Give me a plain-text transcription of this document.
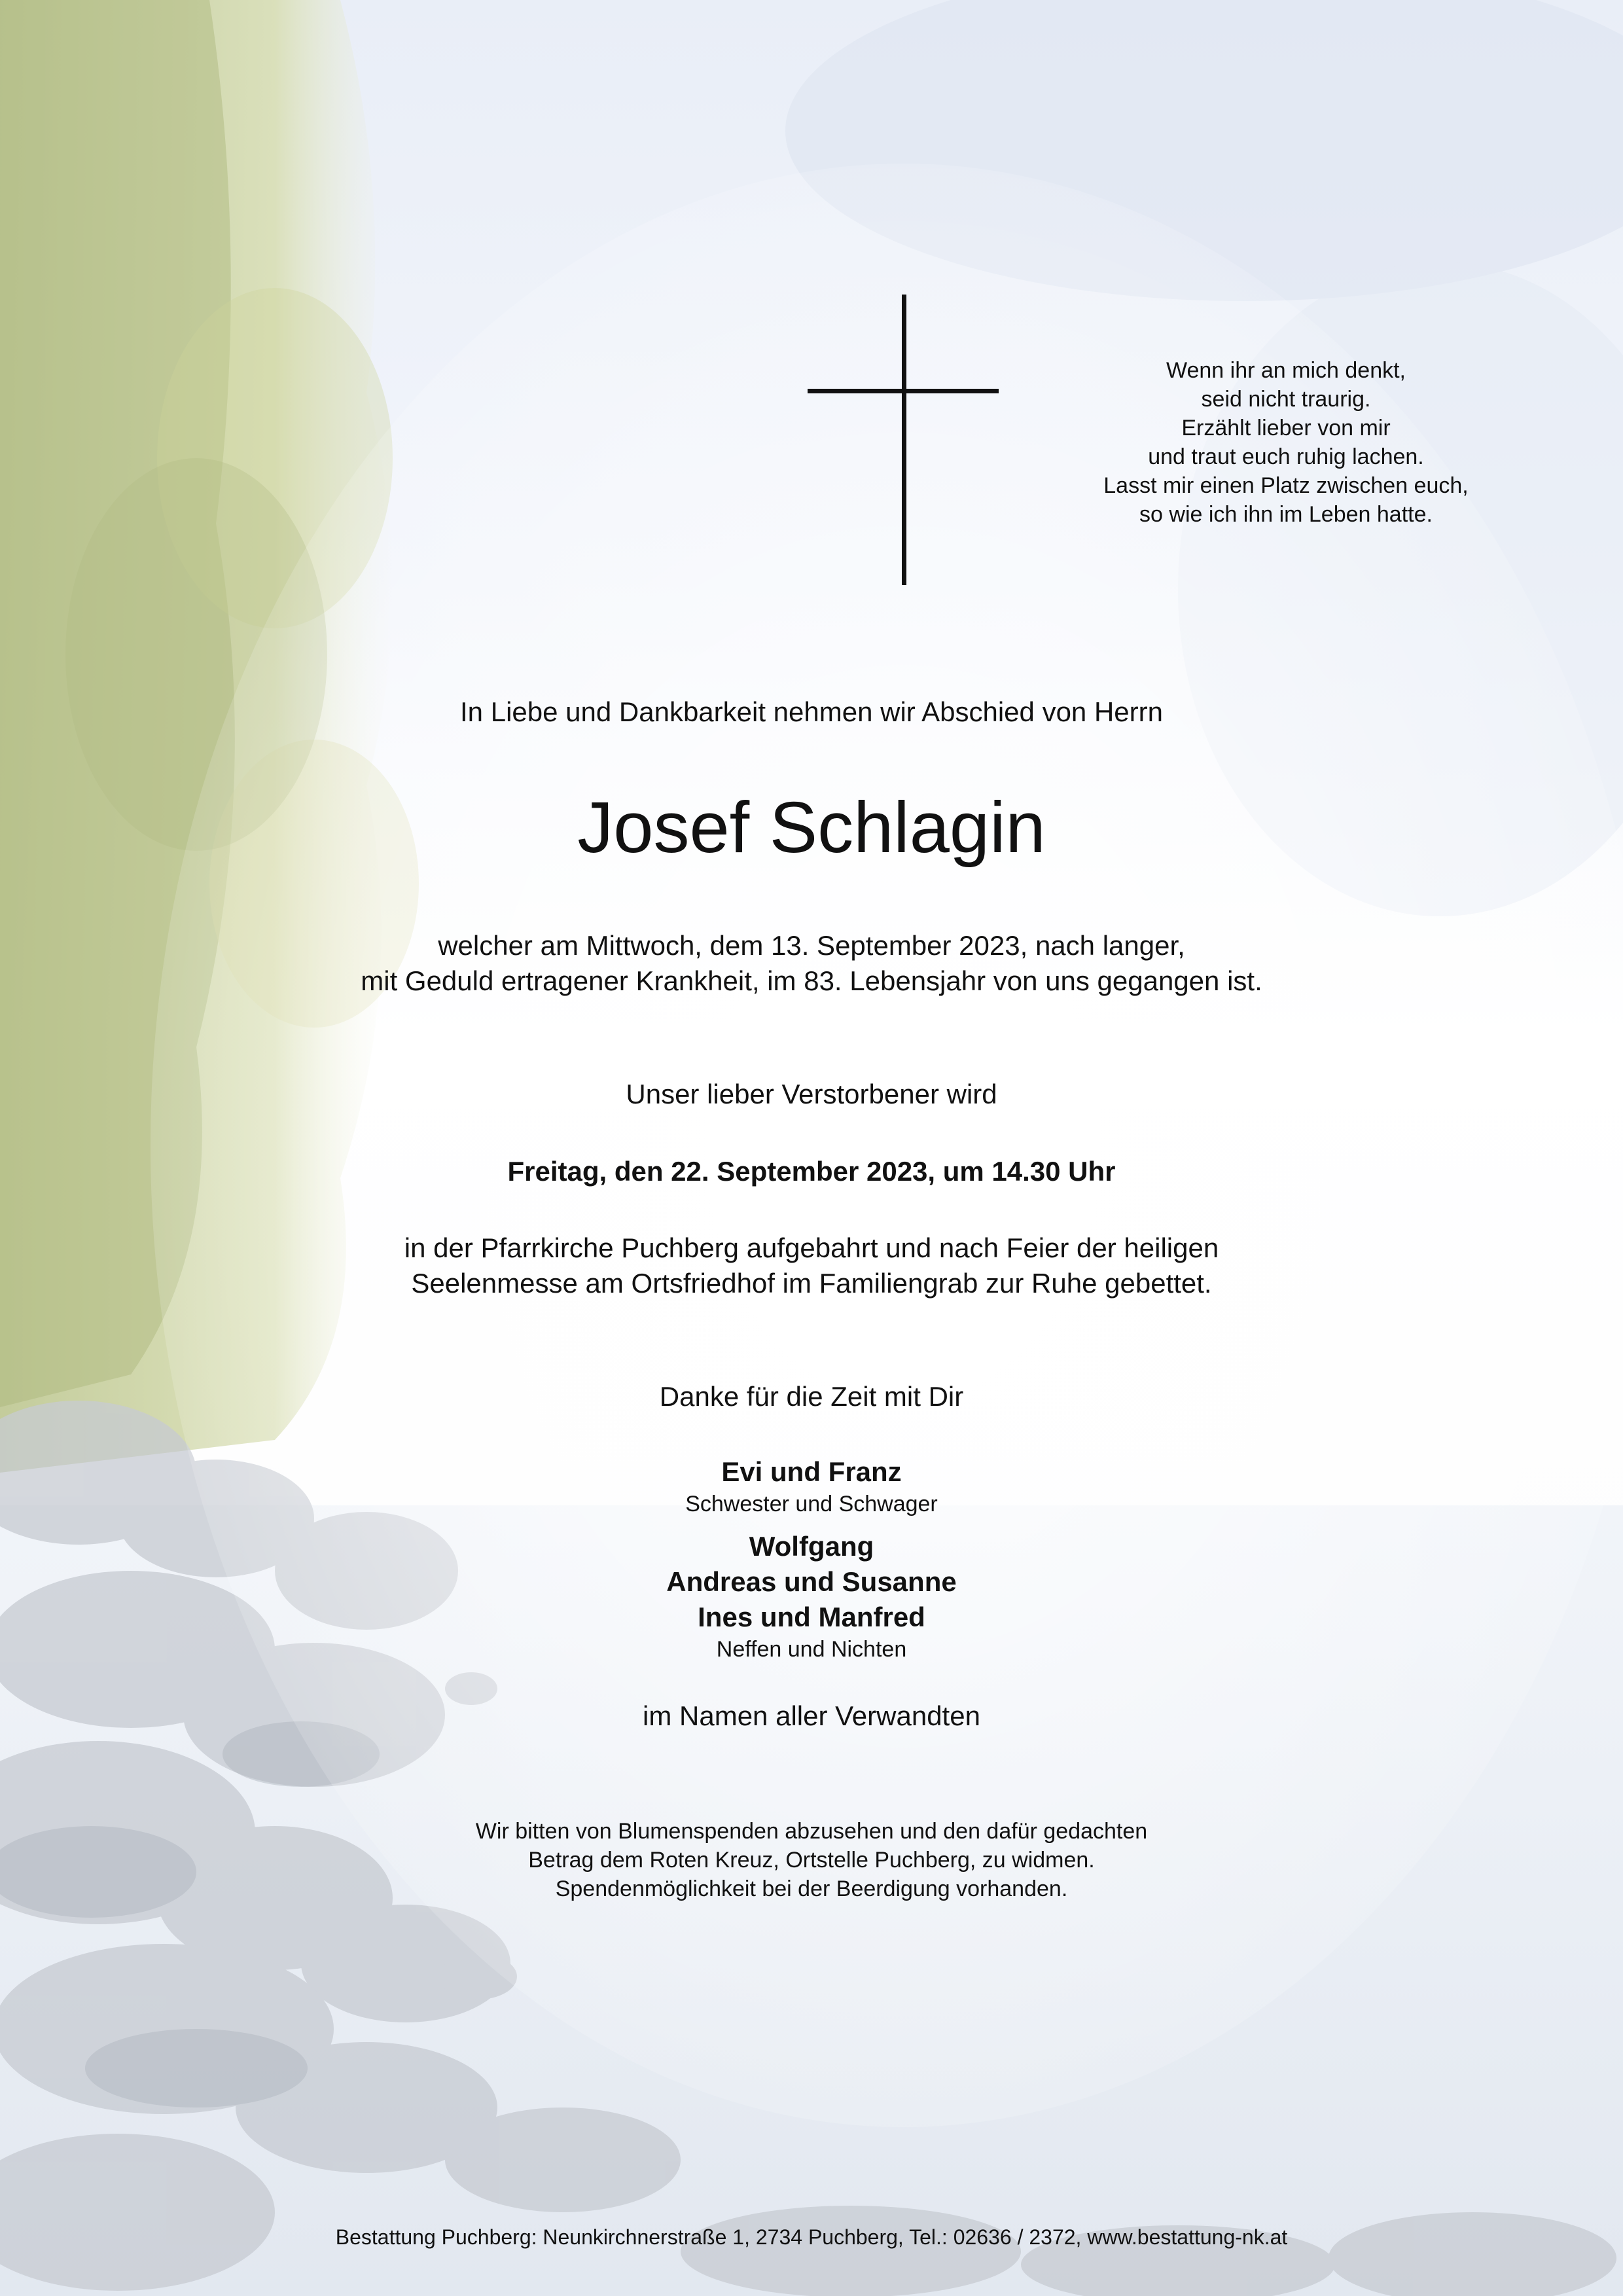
Wenn ihr an mich denkt,
seid nicht traurig.
Erzählt lieber von mir
und traut euch ruhig lachen.
Lasst mir einen Platz zwischen euch,
so wie ich ihn im Leben hatte.
In Liebe und Dankbarkeit nehmen wir Abschied von Herrn
Josef Schlagin
welcher am Mittwoch, dem 13. September 2023, nach langer,
mit Geduld ertragener Krankheit, im 83. Lebensjahr von uns gegangen ist.
Unser lieber Verstorbener wird
Freitag, den 22. September 2023, um 14.30 Uhr
in der Pfarrkirche Puchberg aufgebahrt und nach Feier der heiligen
Seelenmesse am Ortsfriedhof im Familiengrab zur Ruhe gebettet.
Danke für die Zeit mit Dir
Evi und Franz
Schwester und Schwager
Wolfgang
Andreas und Susanne
Ines und Manfred
Neffen und Nichten
im Namen aller Verwandten
Wir bitten von Blumenspenden abzusehen und den dafür gedachten
Betrag dem Roten Kreuz, Ortstelle Puchberg, zu widmen.
Spendenmöglichkeit bei der Beerdigung vorhanden.
Bestattung Puchberg: Neunkirchnerstraße 1, 2734 Puchberg, Tel.: 02636 / 2372, www.bestattung-nk.at
